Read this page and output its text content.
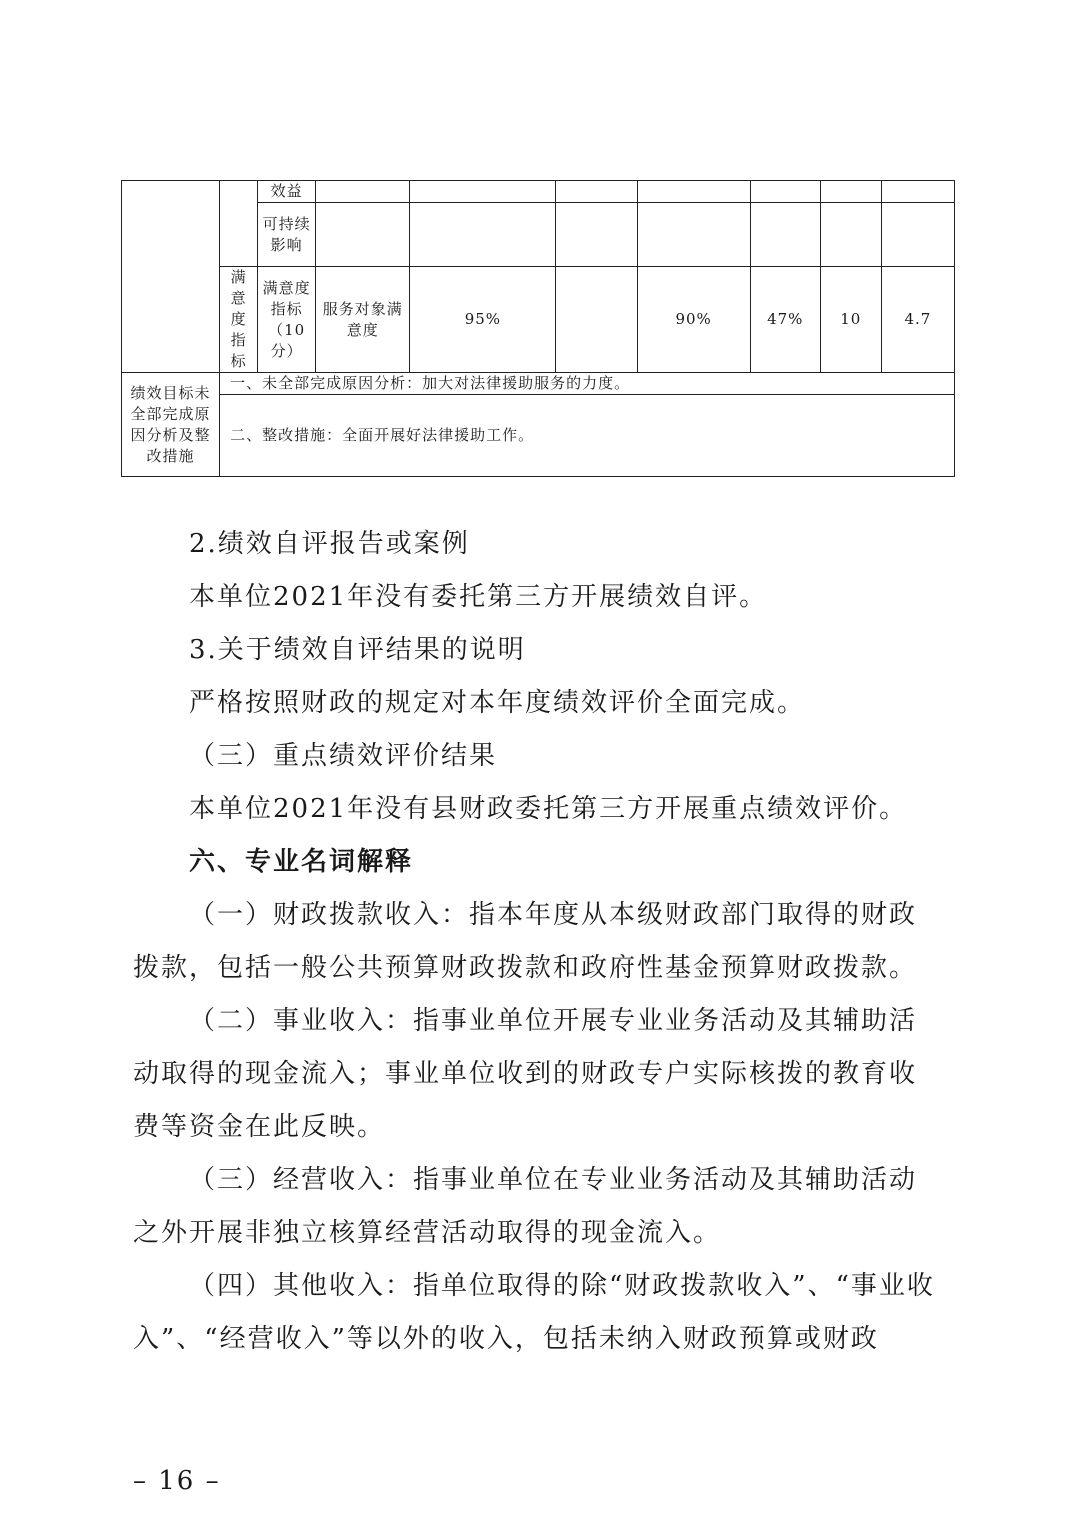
		效益							
		可持续影响							
	满意度指标	满意度指标（10分）	服务对象满意度	95%		90%	47%	10	4.7
绩效目标未全部完成原因分析及整改措施	一、未全部完成原因分析：加大对法律援助服务的力度。								
	二、整改措施：全面开展好法律援助工作。								

2.绩效自评报告或案例

本单位2021年没有委托第三方开展绩效自评。

3.关于绩效自评结果的说明

严格按照财政的规定对本年度绩效评价全面完成。

（三）重点绩效评价结果

本单位2021年没有县财政委托第三方开展重点绩效评价。

六、专业名词解释

（一）财政拨款收入：指本年度从本级财政部门取得的财政拨款，包括一般公共预算财政拨款和政府性基金预算财政拨款。

（二）事业收入：指事业单位开展专业业务活动及其辅助活动取得的现金流入；事业单位收到的财政专户实际核拨的教育收费等资金在此反映。

（三）经营收入：指事业单位在专业业务活动及其辅助活动之外开展非独立核算经营活动取得的现金流入。

（四）其他收入：指单位取得的除“财政拨款收入”、“事业收入”、“经营收入”等以外的收入，包括未纳入财政预算或财政

– 16 –
